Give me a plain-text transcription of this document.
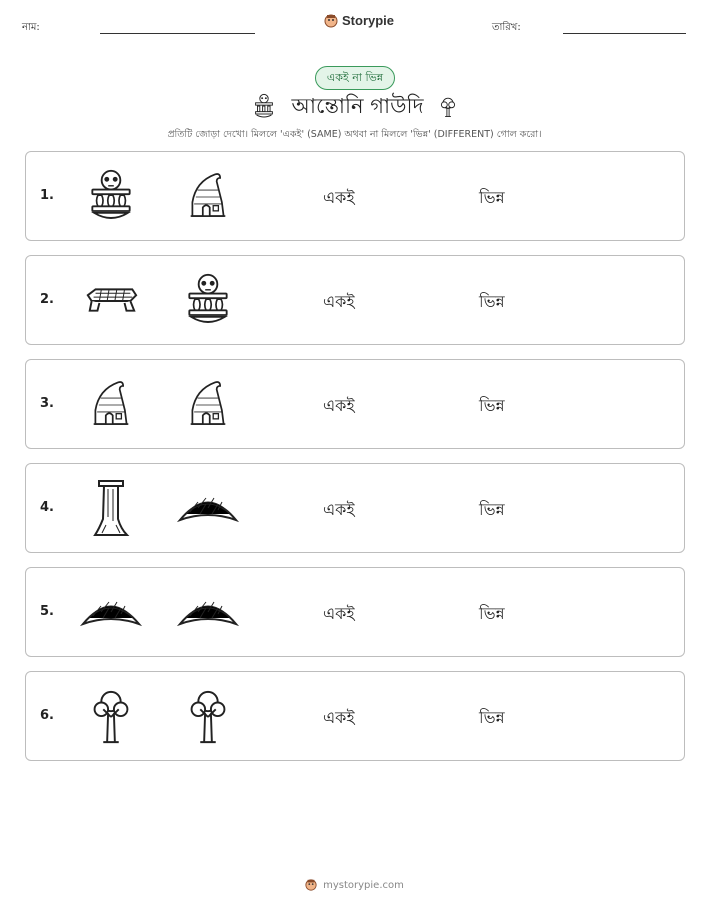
নাম:	Storypie	তারিখ:
একই না ভিন্ন
আন্তোনি গাউদি
প্রতিটি জোড়া দেখো। মিললে 'একই' (SAME) অথবা না মিললে 'ভিন্ন' (DIFFERENT) গোল করো।
1.	একই	ভিন্ন
2.	একই	ভিন্ন
3.	একই	ভিন্ন
4.	একই	ভিন্ন
5.	একই	ভিন্ন
6.	একই	ভিন্ন
mystorypie.com
